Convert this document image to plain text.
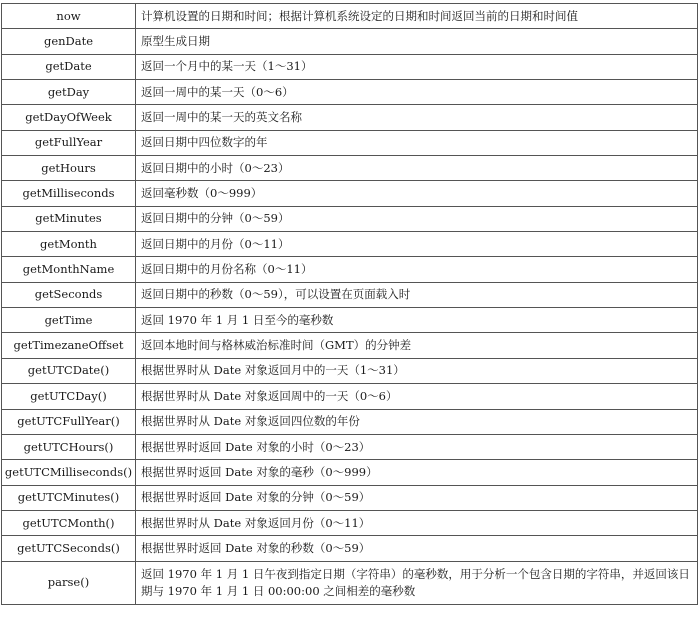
now	计算机设置的日期和时间；根据计算机系统设定的日期和时间返回当前的日期和时间值
genDate	原型生成日期
getDate	返回一个月中的某一天（1～31）
getDay	返回一周中的某一天（0～6）
getDayOfWeek	返回一周中的某一天的英文名称
getFullYear	返回日期中四位数字的年
getHours	返回日期中的小时（0～23）
getMilliseconds	返回毫秒数（0～999）
getMinutes	返回日期中的分钟（0～59）
getMonth	返回日期中的月份（0～11）
getMonthName	返回日期中的月份名称（0～11）
getSeconds	返回日期中的秒数（0～59），可以设置在页面载入时
getTime	返回 1970 年 1 月 1 日至今的毫秒数
getTimezaneOffset	返回本地时间与格林威治标准时间（GMT）的分钟差
getUTCDate()	根据世界时从 Date 对象返回月中的一天（1～31）
getUTCDay()	根据世界时从 Date 对象返回周中的一天（0～6）
getUTCFullYear()	根据世界时从 Date 对象返回四位数的年份
getUTCHours()	根据世界时返回 Date 对象的小时（0～23）
getUTCMilliseconds()	根据世界时返回 Date 对象的毫秒（0～999）
getUTCMinutes()	根据世界时返回 Date 对象的分钟（0～59）
getUTCMonth()	根据世界时从 Date 对象返回月份（0～11）
getUTCSeconds()	根据世界时返回 Date 对象的秒数（0～59）
parse()	返回 1970 年 1 月 1 日午夜到指定日期（字符串）的毫秒数，用于分析一个包含日期的字符串，并返回该日期与 1970 年 1 月 1 日 00:00:00 之间相差的毫秒数
